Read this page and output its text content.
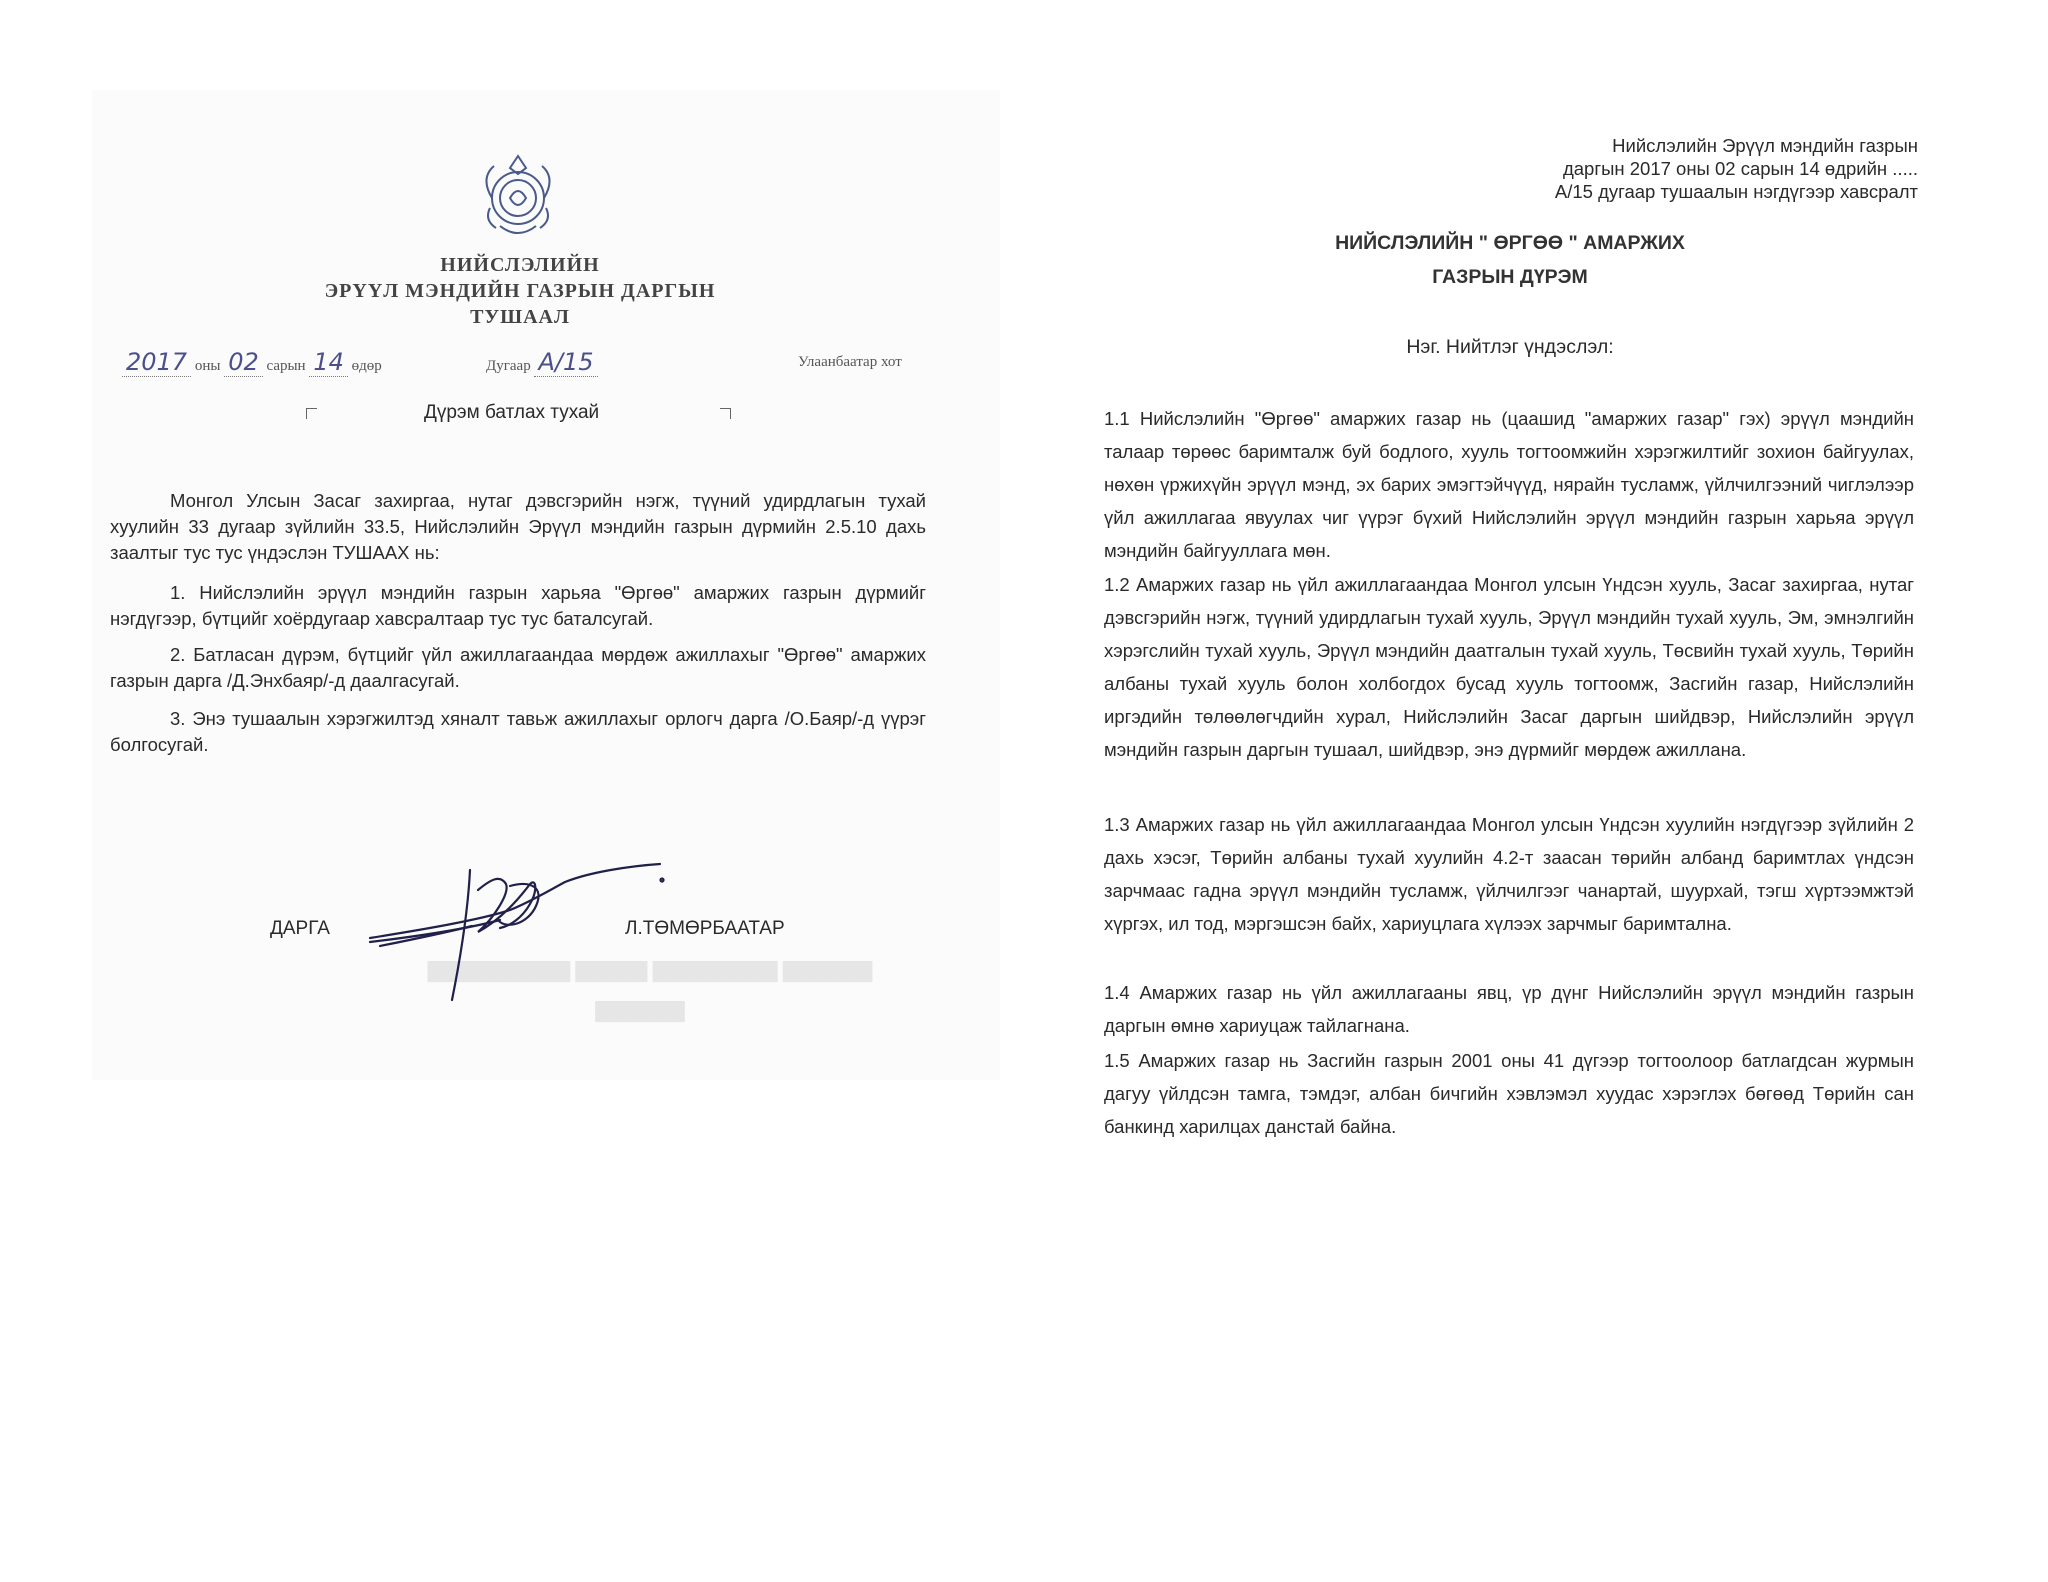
НИЙСЛЭЛИЙН
ЭРҮҮЛ МЭНДИЙН ГАЗРЫН ДАРГЫН
ТУШААЛ
2017 оны 02 сарын 14 өдөр	Дугаар А/15	Улаанбаатар хот
Дүрэм батлах тухай

Монгол Улсын Засаг захиргаа, нутаг дэвсгэрийн нэгж, түүний удирдлагын тухай хуулийн 33 дугаар зүйлийн 33.5, Нийслэлийн Эрүүл мэндийн газрын дүрмийн 2.5.10 дахь заалтыг тус тус үндэслэн ТУШААХ нь:

1. Нийслэлийн эрүүл мэндийн газрын харьяа "Өргөө" амаржих газрын дүрмийг нэгдүгээр, бүтцийг хоёрдугаар хавсралтаар тус тус баталсугай.

2. Батласан дүрэм, бүтцийг үйл ажиллагаандаа мөрдөж ажиллахыг "Өргөө" амаржих газрын дарга /Д.Энхбаяр/-д даалгасугай.

3. Энэ тушаалын хэрэгжилтэд хяналт тавьж ажиллахыг орлогч дарга /О.Баяр/-д үүрэг болгосугай.

▆▆▆▆▆▆▆▆ ▆▆▆▆ ▆▆▆▆▆▆▆ ▆▆▆▆▆
▆▆▆▆▆
ДАРГА	Л.ТӨМӨРБААТАР
Нийслэлийн Эрүүл мэндийн газрын
даргын 2017 оны 02 сарын 14 өдрийн .....
А/15 дугаар тушаалын нэгдүгээр хавсралт
НИЙСЛЭЛИЙН " ӨРГӨӨ " АМАРЖИХ
ГАЗРЫН ДҮРЭМ
Нэг. Нийтлэг үндэслэл:

1.1 Нийслэлийн "Өргөө" амаржих газар нь (цаашид "амаржих газар" гэх) эрүүл мэндийн талаар төрөөс баримталж буй бодлого, хууль тогтоомжийн хэрэгжилтийг зохион байгуулах, нөхөн үржихүйн эрүүл мэнд, эх барих эмэгтэйчүүд, нярайн тусламж, үйлчилгээний чиглэлээр үйл ажиллагаа явуулах чиг үүрэг бүхий Нийслэлийн эрүүл мэндийн газрын харьяа эрүүл мэндийн байгууллага мөн.

1.2 Амаржих газар нь үйл ажиллагаандаа Монгол улсын Үндсэн хууль, Засаг захиргаа, нутаг дэвсгэрийн нэгж, түүний удирдлагын тухай хууль, Эрүүл мэндийн тухай хууль, Эм, эмнэлгийн хэрэгслийн тухай хууль, Эрүүл мэндийн даатгалын тухай хууль, Төсвийн тухай хууль, Төрийн албаны тухай хууль болон холбогдох бусад хууль тогтоомж, Засгийн газар, Нийслэлийн иргэдийн төлөөлөгчдийн хурал, Нийслэлийн Засаг даргын шийдвэр, Нийслэлийн эрүүл мэндийн газрын даргын тушаал, шийдвэр, энэ дүрмийг мөрдөж ажиллана.

1.3 Амаржих газар нь үйл ажиллагаандаа Монгол улсын Үндсэн хуулийн нэгдүгээр зүйлийн 2 дахь хэсэг, Төрийн албаны тухай хуулийн 4.2-т заасан төрийн албанд баримтлах үндсэн зарчмаас гадна эрүүл мэндийн тусламж, үйлчилгээг чанартай, шуурхай, тэгш хүртээмжтэй хүргэх, ил тод, мэргэшсэн байх, хариуцлага хүлээх зарчмыг баримтална.

1.4 Амаржих газар нь үйл ажиллагааны явц, үр дүнг Нийслэлийн эрүүл мэндийн газрын даргын өмнө хариуцаж тайлагнана.

1.5 Амаржих газар нь Засгийн газрын 2001 оны 41 дүгээр тогтоолоор батлагдсан журмын дагуу үйлдсэн тамга, тэмдэг, албан бичгийн хэвлэмэл хуудас хэрэглэх бөгөөд Төрийн сан банкинд харилцах данстай байна.
